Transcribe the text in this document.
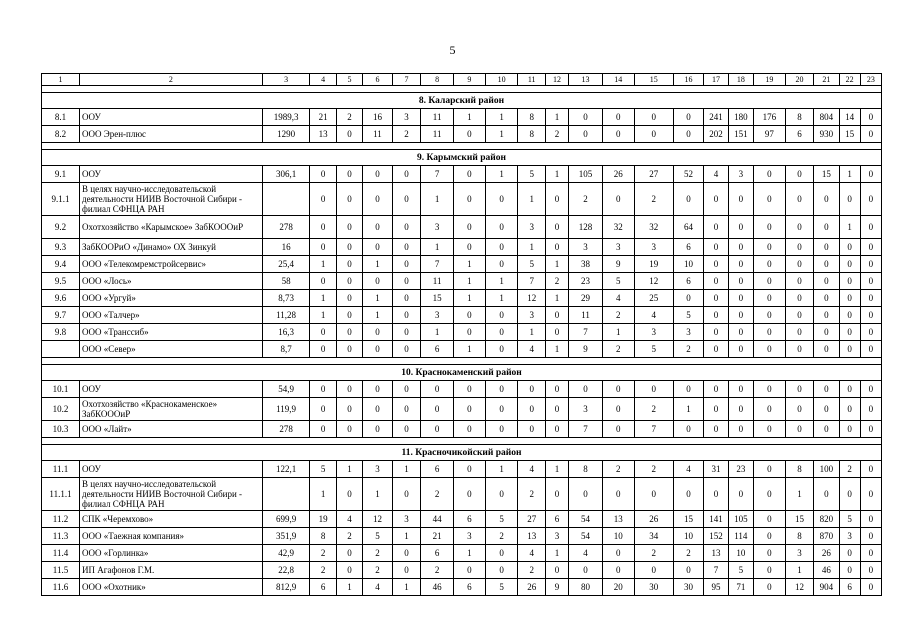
5
1	2	3	4	5	6	7	8	9	10	11	12	13	14	15	16	17	18	19	20	21	22	23

8. Каларский район																						
8.1	ООУ	1989,3	21	2	16	3	11	1	1	8	1	0	0	0	0	241	180	176	8	804	14	0
8.2	ООО Эрен-плюс	1290	13	0	11	2	11	0	1	8	2	0	0	0	0	202	151	97	6	930	15	0

9. Карымский район																						
9.1	ООУ	306,1	0	0	0	0	7	0	1	5	1	105	26	27	52	4	3	0	0	15	1	0
9.1.1	В целях научно-исследовательской деятельности НИИВ Восточной Сибири - филиал СФНЦА РАН		0	0	0	0	1	0	0	1	0	2	0	2	0	0	0	0	0	0	0	0
9.2	Охотхозяйство «Карымское» ЗабКОООиР	278	0	0	0	0	3	0	0	3	0	128	32	32	64	0	0	0	0	0	1	0
9.3	ЗабКООРиО «Динамо» ОХ Зинкуй	16	0	0	0	0	1	0	0	1	0	3	3	3	6	0	0	0	0	0	0	0
9.4	ООО «Телекомремстройсервис»	25,4	1	0	1	0	7	1	0	5	1	38	9	19	10	0	0	0	0	0	0	0
9.5	ООО «Лось»	58	0	0	0	0	11	1	1	7	2	23	5	12	6	0	0	0	0	0	0	0
9.6	ООО «Ургуй»	8,73	1	0	1	0	15	1	1	12	1	29	4	25	0	0	0	0	0	0	0	0
9.7	ООО «Талчер»	11,28	1	0	1	0	3	0	0	3	0	11	2	4	5	0	0	0	0	0	0	0
9.8	ООО «Транссиб»	16,3	0	0	0	0	1	0	0	1	0	7	1	3	3	0	0	0	0	0	0	0
	ООО «Север»	8,7	0	0	0	0	6	1	0	4	1	9	2	5	2	0	0	0	0	0	0	0

10. Краснокаменский район																						
10.1	ООУ	54,9	0	0	0	0	0	0	0	0	0	0	0	0	0	0	0	0	0	0	0	0
10.2	Охотхозяйство «Краснокаменское» ЗабКОООиР	119,9	0	0	0	0	0	0	0	0	0	3	0	2	1	0	0	0	0	0	0	0
10.3	ООО «Лайт»	278	0	0	0	0	0	0	0	0	0	7	0	7	0	0	0	0	0	0	0	0

11. Красночикойский район																						
11.1	ООУ	122,1	5	1	3	1	6	0	1	4	1	8	2	2	4	31	23	0	8	100	2	0
11.1.1	В целях научно-исследовательской деятельности НИИВ Восточной Сибири - филиал СФНЦА РАН		1	0	1	0	2	0	0	2	0	0	0	0	0	0	0	0	1	0	0	0
11.2	СПК «Черемхово»	699,9	19	4	12	3	44	6	5	27	6	54	13	26	15	141	105	0	15	820	5	0
11.3	ООО «Таежная компания»	351,9	8	2	5	1	21	3	2	13	3	54	10	34	10	152	114	0	8	870	3	0
11.4	ООО «Горлинка»	42,9	2	0	2	0	6	1	0	4	1	4	0	2	2	13	10	0	3	26	0	0
11.5	ИП Агафонов Г.М.	22,8	2	0	2	0	2	0	0	2	0	0	0	0	0	7	5	0	1	46	0	0
11.6	ООО «Охотник»	812,9	6	1	4	1	46	6	5	26	9	80	20	30	30	95	71	0	12	904	6	0
